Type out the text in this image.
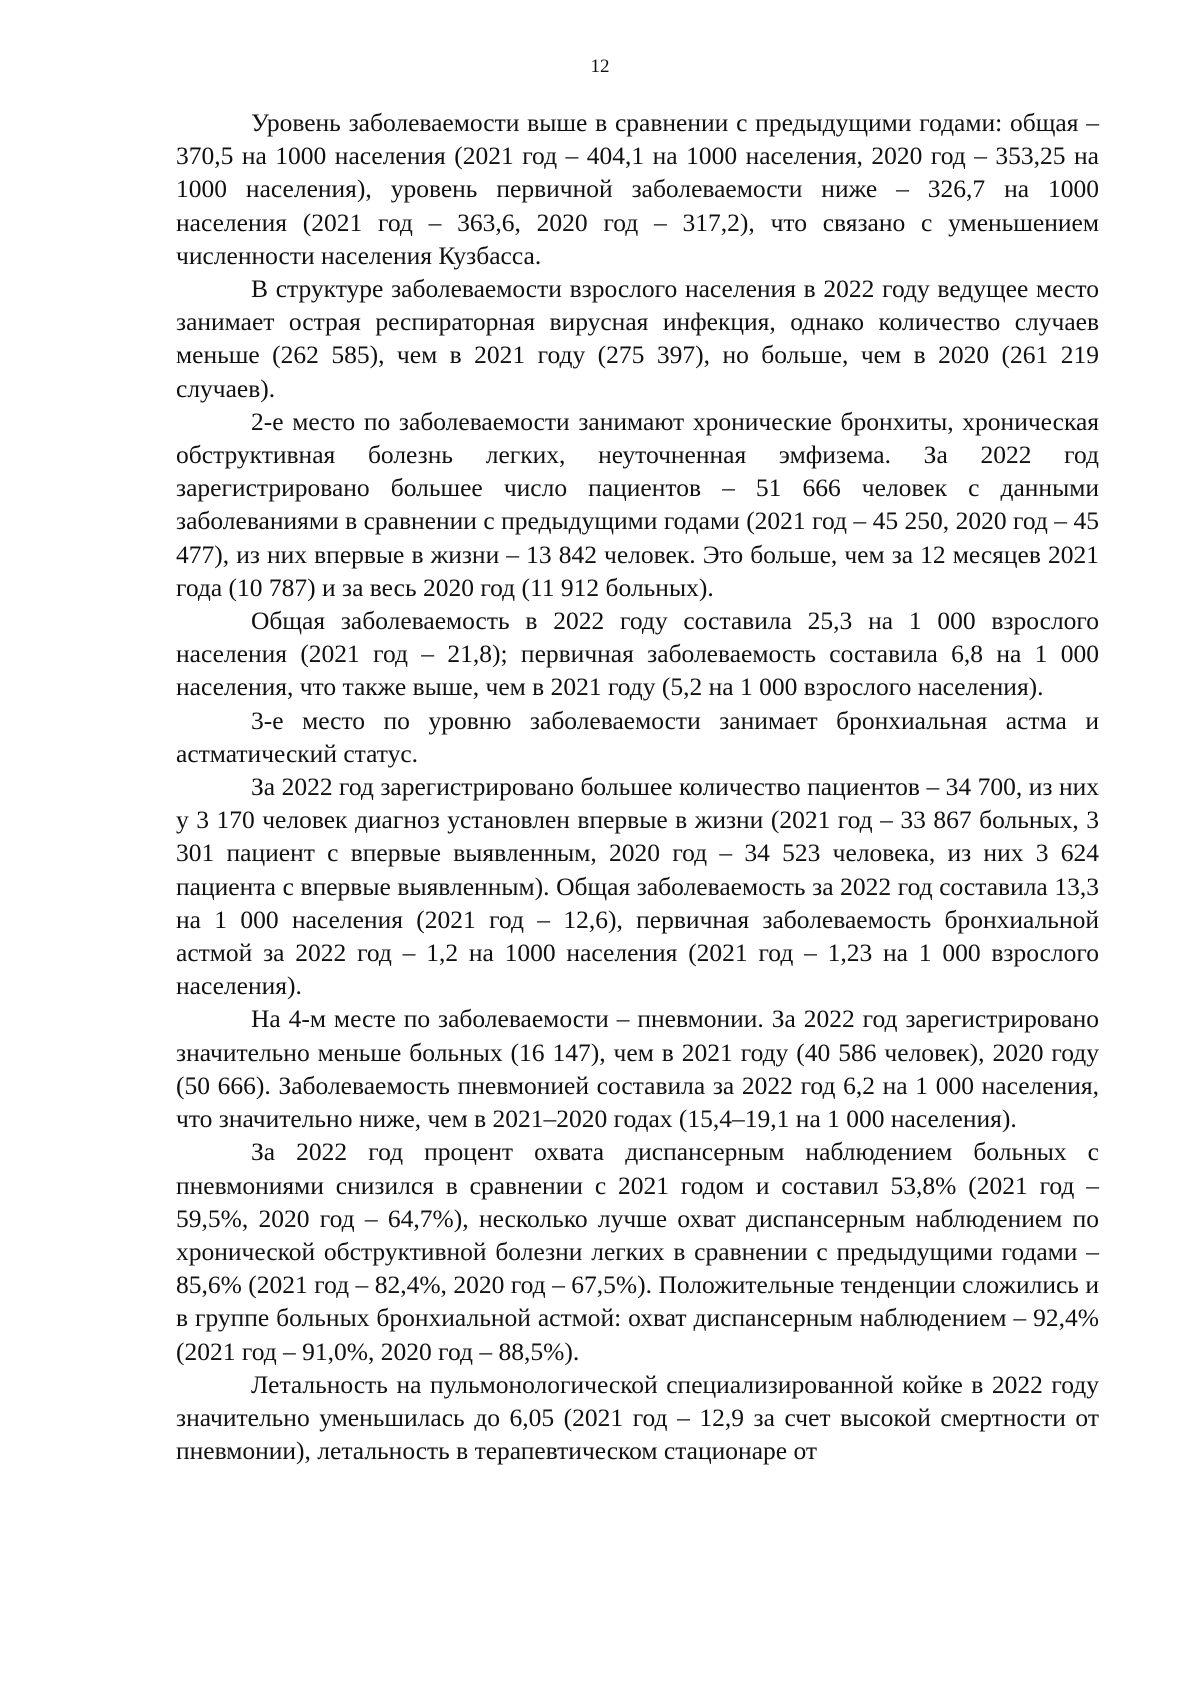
12

Уровень заболеваемости выше в сравнении с предыдущими годами: общая – 370,5 на 1000 населения (2021 год – 404,1 на 1000 населения, 2020 год – 353,25 на 1000 населения), уровень первичной заболеваемости ниже – 326,7 на 1000 населения (2021 год – 363,6, 2020 год – 317,2), что связано с уменьшением численности населения Кузбасса.

В структуре заболеваемости взрослого населения в 2022 году ведущее место занимает острая респираторная вирусная инфекция, однако количество случаев меньше (262 585), чем в 2021 году (275 397), но больше, чем в 2020 (261 219 случаев).

2-е место по заболеваемости занимают хронические бронхиты, хроническая обструктивная болезнь легких, неуточненная эмфизема. За 2022 год зарегистрировано большее число пациентов – 51 666 человек с данными заболеваниями в сравнении с предыдущими годами (2021 год – 45 250, 2020 год – 45 477), из них впервые в жизни – 13 842 человек. Это больше, чем за 12 месяцев 2021 года (10 787) и за весь 2020 год (11 912 больных).

Общая заболеваемость в 2022 году составила 25,3 на 1 000 взрослого населения (2021 год – 21,8); первичная заболеваемость составила 6,8 на 1 000 населения, что также выше, чем в 2021 году (5,2 на 1 000 взрослого населения).

3-е место по уровню заболеваемости занимает бронхиальная астма и астматический статус.

За 2022 год зарегистрировано большее количество пациентов – 34 700, из них у 3 170 человек диагноз установлен впервые в жизни (2021 год – 33 867 больных, 3 301 пациент с впервые выявленным, 2020 год – 34 523 человека, из них 3 624 пациента с впервые выявленным). Общая заболеваемость за 2022 год составила 13,3 на 1 000 населения (2021 год – 12,6), первичная заболеваемость бронхиальной астмой за 2022 год – 1,2 на 1000 населения (2021 год – 1,23 на 1 000 взрослого населения).

На 4-м месте по заболеваемости – пневмонии. За 2022 год зарегистрировано значительно меньше больных (16 147), чем в 2021 году (40 586 человек), 2020 году (50 666). Заболеваемость пневмонией составила за 2022 год 6,2 на 1 000 населения, что значительно ниже, чем в 2021–2020 годах (15,4–19,1 на 1 000 населения).

За 2022 год процент охвата диспансерным наблюдением больных с пневмониями снизился в сравнении с 2021 годом и составил 53,8% (2021 год – 59,5%, 2020 год – 64,7%), несколько лучше охват диспансерным наблюдением по хронической обструктивной болезни легких в сравнении с предыдущими годами – 85,6% (2021 год – 82,4%, 2020 год – 67,5%). Положительные тенденции сложились и в группе больных бронхиальной астмой: охват диспансерным наблюдением – 92,4% (2021 год – 91,0%, 2020 год – 88,5%).

Летальность на пульмонологической специализированной койке в 2022 году значительно уменьшилась до 6,05 (2021 год – 12,9 за счет высокой смертности от пневмонии), летальность в терапевтическом стационаре от
